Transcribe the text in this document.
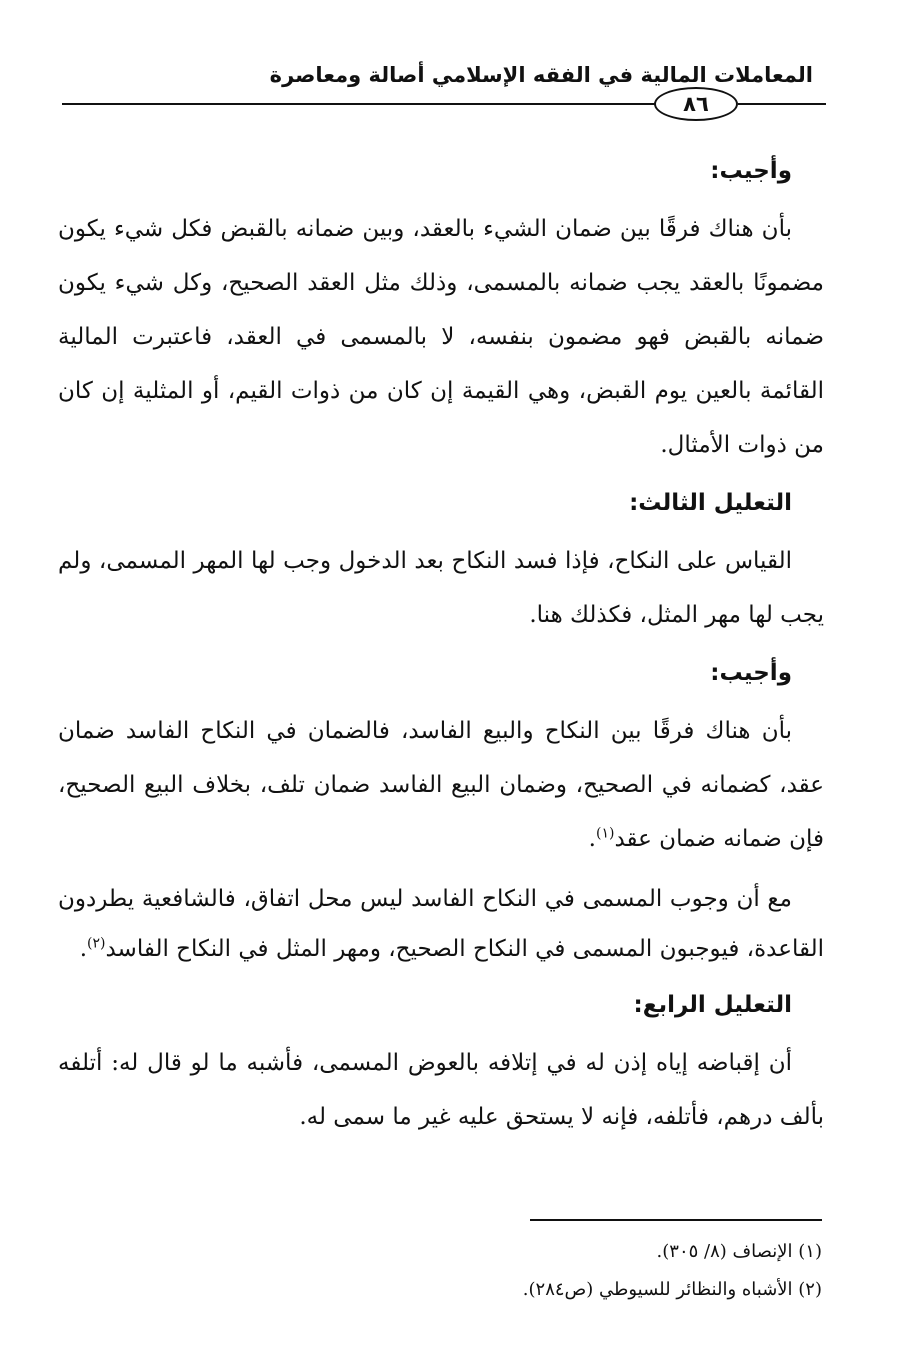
المعاملات المالية في الفقه الإسلامي أصالة ومعاصرة
٨٦
وأجيب:

بأن هناك فرقًا بين ضمان الشيء بالعقد، وبين ضمانه بالقبض فكل شيء يكون مضمونًا بالعقد يجب ضمانه بالمسمى، وذلك مثل العقد الصحيح، وكل شيء يكون ضمانه بالقبض فهو مضمون بنفسه، لا بالمسمى في العقد، فاعتبرت المالية القائمة بالعين يوم القبض، وهي القيمة إن كان من ذوات القيم، أو المثلية إن كان من ذوات الأمثال.

التعليل الثالث:

القياس على النكاح، فإذا فسد النكاح بعد الدخول وجب لها المهر المسمى، ولم يجب لها مهر المثل، فكذلك هنا.

وأجيب:

بأن هناك فرقًا بين النكاح والبيع الفاسد، فالضمان في النكاح الفاسد ضمان عقد، كضمانه في الصحيح، وضمان البيع الفاسد ضمان تلف، بخلاف البيع الصحيح، فإن ضمانه ضمان عقد$^{(١)}$.

مع أن وجوب المسمى في النكاح الفاسد ليس محل اتفاق، فالشافعية يطردون القاعدة، فيوجبون المسمى في النكاح الصحيح، ومهر المثل في النكاح الفاسد$^{(٢)}$.

التعليل الرابع:

أن إقباضه إياه إذن له في إتلافه بالعوض المسمى، فأشبه ما لو قال له: أتلفه بألف درهم، فأتلفه، فإنه لا يستحق عليه غير ما سمى له.

(١) الإنصاف (٨/ ٣٠٥).
(٢) الأشباه والنظائر للسيوطي (ص٢٨٤).
